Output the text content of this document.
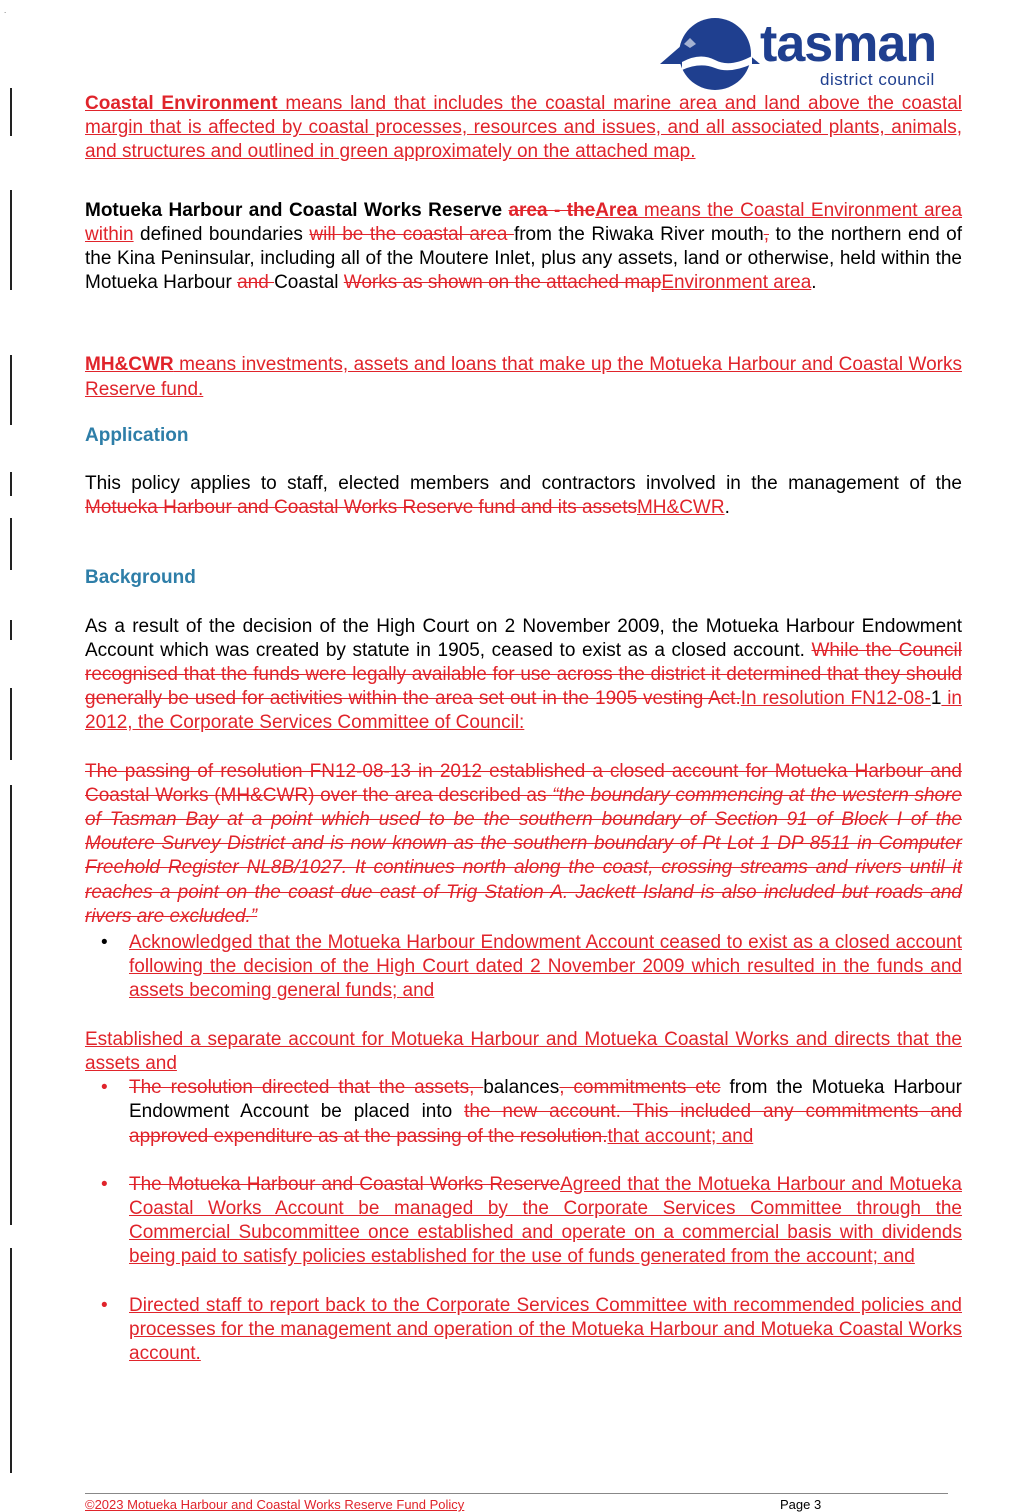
.
tasman
district council

Coastal Environment means land that includes the coastal marine area and land above the coastal margin that is affected by coastal processes, resources and issues, and all associated plants, animals, and structures and outlined in green approximately on the attached map.

Motueka Harbour and Coastal Works Reserve area - theArea means the Coastal Environment area within defined boundaries will be the coastal area from the Riwaka River mouth, to the northern end of the Kina Peninsular, including all of the Moutere Inlet, plus any assets, land or otherwise, held within the Motueka Harbour and Coastal Works as shown on the attached mapEnvironment area.

MH&CWR means investments, assets and loans that make up the Motueka Harbour and Coastal Works Reserve fund.

Application

This policy applies to staff, elected members and contractors involved in the management of the Motueka Harbour and Coastal Works Reserve fund and its assetsMH&CWR.

Background

As a result of the decision of the High Court on 2 November 2009, the Motueka Harbour Endowment Account which was created by statute in 1905, ceased to exist as a closed account. While the Council recognised that the funds were legally available for use across the district it determined that they should generally be used for activities within the area set out in the 1905 vesting Act.In resolution FN12-08-1 in 2012, the Corporate Services Committee of Council:

The passing of resolution FN12-08-13 in 2012 established a closed account for Motueka Harbour and Coastal Works (MH&CWR) over the area described as “the boundary commencing at the western shore of Tasman Bay at a point which used to be the southern boundary of Section 91 of Block I of the Moutere Survey District and is now known as the southern boundary of Pt Lot 1 DP 8511 in Computer Freehold Register NL8B/1027. It continues north along the coast, crossing streams and rivers until it reaches a point on the coast due east of Trig Station A. Jackett Island is also included but roads and rivers are excluded.”

• Acknowledged that the Motueka Harbour Endowment Account ceased to exist as a closed account following the decision of the High Court dated 2 November 2009 which resulted in the funds and assets becoming general funds; and

Established a separate account for Motueka Harbour and Motueka Coastal Works and directs that the assets and

• The resolution directed that the assets, balances, commitments etc from the Motueka Harbour Endowment Account be placed into the new account. This included any commitments and approved expenditure as at the passing of the resolution.that account; and
• The Motueka Harbour and Coastal Works ReserveAgreed that the Motueka Harbour and Motueka Coastal Works Account be managed by the Corporate Services Committee through the Commercial Subcommittee once established and operate on a commercial basis with dividends being paid to satisfy policies established for the use of funds generated from the account; and
• Directed staff to report back to the Corporate Services Committee with recommended policies and processes for the management and operation of the Motueka Harbour and Motueka Coastal Works account.
©2023 Motueka Harbour and Coastal Works Reserve Fund Policy	Page 3
